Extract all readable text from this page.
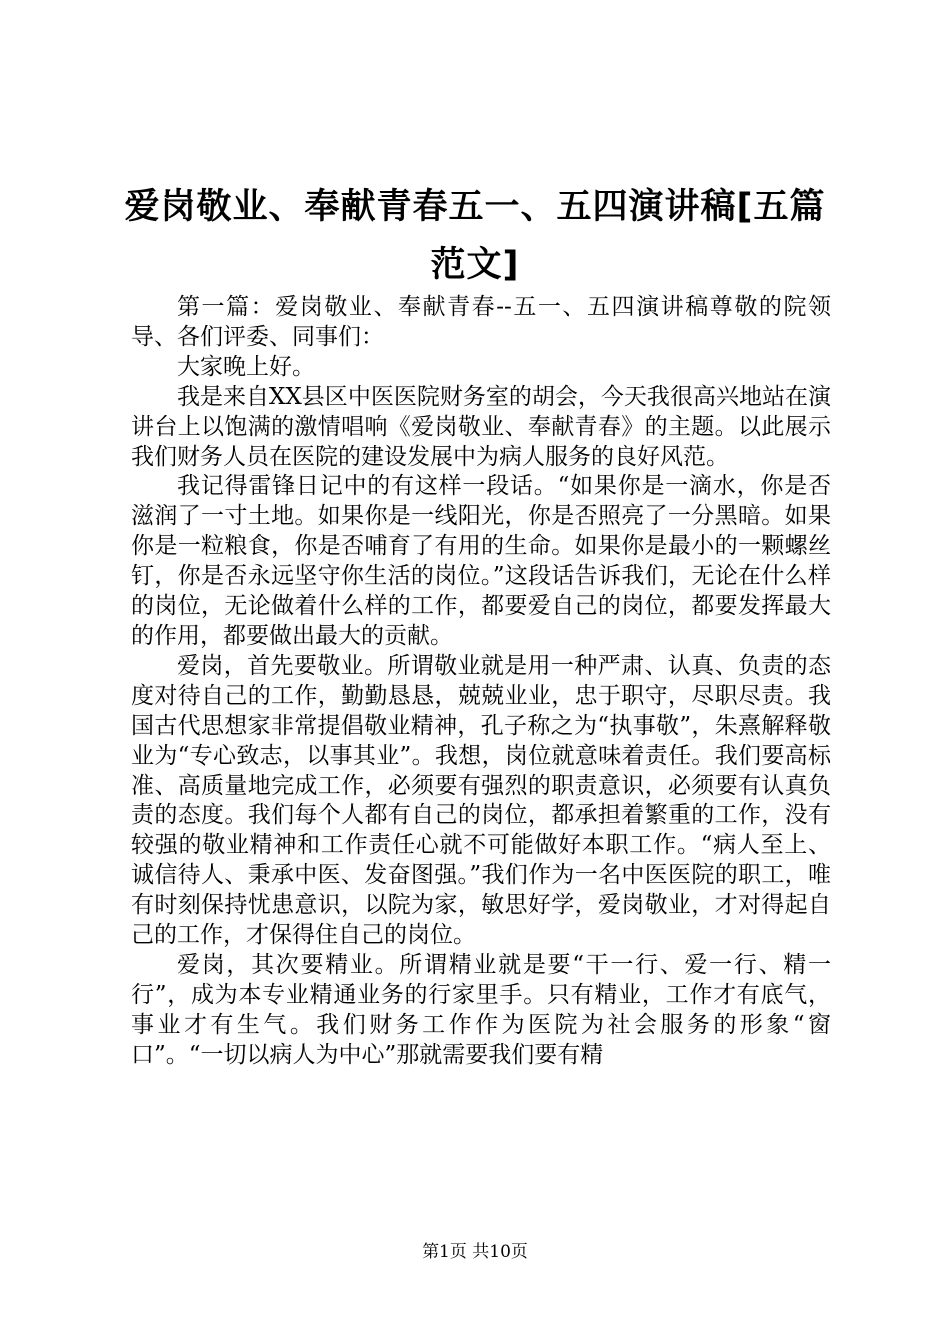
爱岗敬业、奉献青春五一、五四演讲稿[五篇范文]

第一篇：爱岗敬业、奉献青春--五一、五四演讲稿尊敬的院领导、各们评委、同事们：

大家晚上好。

我是来自XX县区中医医院财务室的胡会，今天我很高兴地站在演讲台上以饱满的激情唱响《爱岗敬业、奉献青春》的主题。以此展示我们财务人员在医院的建设发展中为病人服务的良好风范。

我记得雷锋日记中的有这样一段话。“如果你是一滴水，你是否滋润了一寸土地。如果你是一线阳光，你是否照亮了一分黑暗。如果你是一粒粮食，你是否哺育了有用的生命。如果你是最小的一颗螺丝钉，你是否永远坚守你生活的岗位。”这段话告诉我们，无论在什么样的岗位，无论做着什么样的工作，都要爱自己的岗位，都要发挥最大的作用，都要做出最大的贡献。

爱岗，首先要敬业。所谓敬业就是用一种严肃、认真、负责的态度对待自己的工作，勤勤恳恳，兢兢业业，忠于职守，尽职尽责。我国古代思想家非常提倡敬业精神，孔子称之为“执事敬”，朱熹解释敬业为“专心致志，以事其业”。我想，岗位就意味着责任。我们要高标准、高质量地完成工作，必须要有强烈的职责意识，必须要有认真负责的态度。我们每个人都有自己的岗位，都承担着繁重的工作，没有较强的敬业精神和工作责任心就不可能做好本职工作。“病人至上、诚信待人、秉承中医、发奋图强。”我们作为一名中医医院的职工，唯有时刻保持忧患意识，以院为家，敏思好学，爱岗敬业，才对得起自己的工作，才保得住自己的岗位。

爱岗，其次要精业。所谓精业就是要“干一行、爱一行、精一行”，成为本专业精通业务的行家里手。只有精业，工作才有底气，事业才有生气。我们财务工作作为医院为社会服务的形象“窗口”。“一切以病人为中心”那就需要我们要有精

第1页 共10页
